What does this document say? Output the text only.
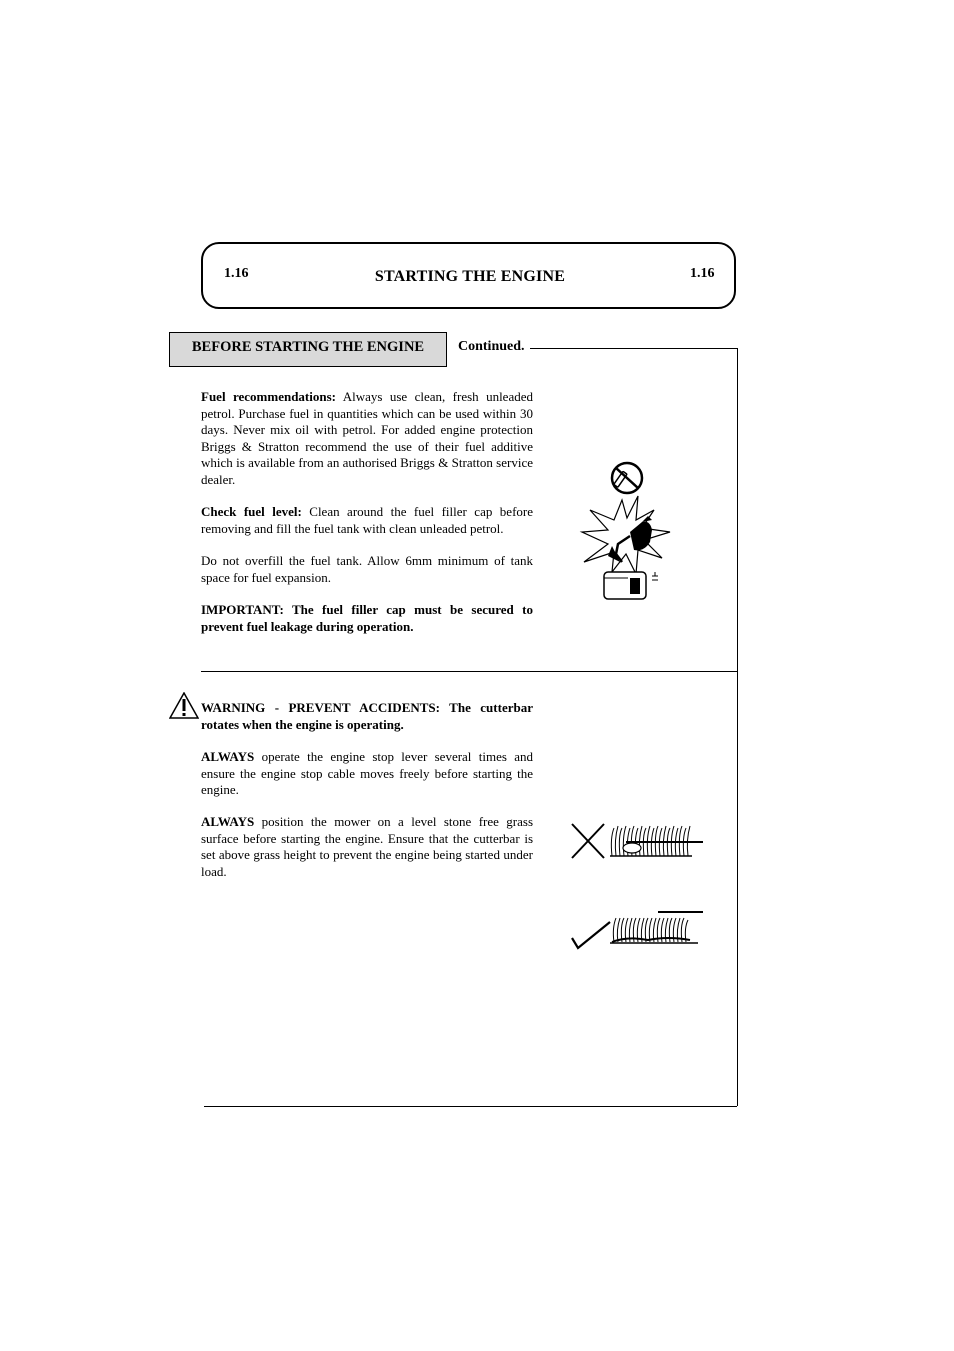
1.16	STARTING THE ENGINE	1.16
BEFORE STARTING THE ENGINE	Continued.

Fuel recommendations: Always use clean, fresh unleaded petrol. Purchase fuel in quantities which can be used within 30 days. Never mix oil with petrol. For added engine protection Briggs & Stratton recommend the use of their fuel additive which is available from an authorised Briggs & Stratton service dealer.

Check fuel level: Clean around the fuel filler cap before removing and fill the fuel tank with clean unleaded petrol.

Do not overfill the fuel tank. Allow 6mm minimum of tank space for fuel expansion.

IMPORTANT: The fuel filler cap must be secured to prevent fuel leakage during operation.

WARNING - PREVENT ACCIDENTS: The cutterbar rotates when the engine is operating.

ALWAYS operate the engine stop lever several times and ensure the engine stop cable moves freely before starting the engine.

ALWAYS position the mower on a level stone free grass surface before starting the engine. Ensure that the cutterbar is set above grass height to prevent the engine being started under load.
